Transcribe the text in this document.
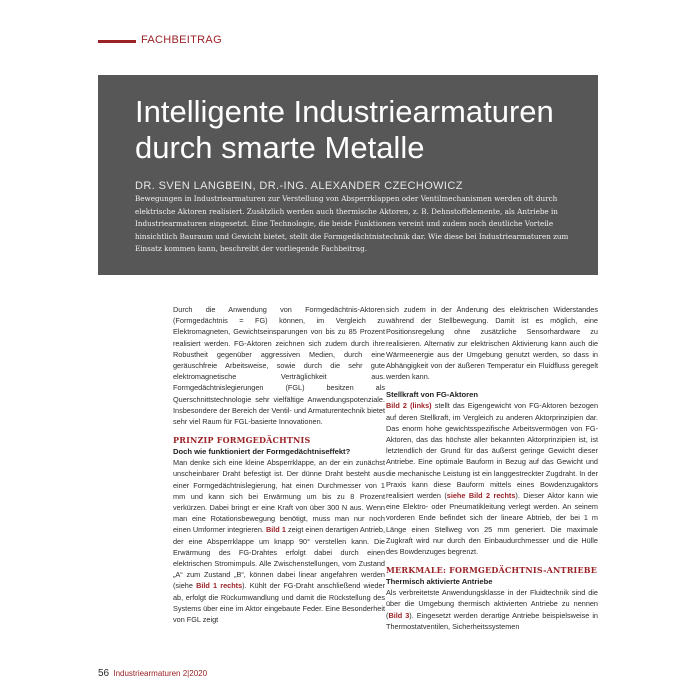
FACHBEITRAG
Intelligente Industriearmaturen durch smarte Metalle
DR. SVEN LANGBEIN, DR.-ING. ALEXANDER CZECHOWICZ

Bewegungen in Industriearmaturen zur Verstellung von Absperrklappen oder Ventilmechanismen werden oft durch elektrische Aktoren realisiert. Zusätzlich werden auch thermische Aktoren, z. B. Dehnstoffelemente, als Antriebe in Industriearmaturen eingesetzt. Eine Technologie, die beide Funktionen vereint und zudem noch deutliche Vorteile hinsichtlich Bauraum und Gewicht bietet, stellt die Formgedächtnistechnik dar. Wie diese bei Industriearmaturen zum Einsatz kommen kann, beschreibt der vorliegende Fachbeitrag.

Durch die Anwendung von Formgedächtnis-Aktoren (Formgedächtnis = FG) können, im Vergleich zu Elektromagneten, Gewichtseinsparungen von bis zu 85 Prozent realisiert werden. FG-Aktoren zeichnen sich zudem durch ihre Robustheit gegenüber aggressiven Medien, durch eine geräuschfreie Arbeitsweise, sowie durch die sehr gute elektromagnetische Verträglichkeit aus. Formgedächtnislegierungen (FGL) besitzen als Querschnittstechnologie sehr vielfältige Anwendungspotenziale. Insbesondere der Bereich der Ventil- und Armaturentechnik bietet sehr viel Raum für FGL-basierte Innovationen.

PRINZIP FORMGEDÄCHTNIS
Doch wie funktioniert der Formgedächtniseffekt?

Man denke sich eine kleine Absperrklappe, an der ein zunächst unscheinbarer Draht befestigt ist. Der dünne Draht besteht aus einer Formgedächtnislegierung, hat einen Durchmesser von 1 mm und kann sich bei Erwärmung um bis zu 8 Prozent verkürzen. Dabei bringt er eine Kraft von über 300 N aus. Wenn man eine Rotationsbewegung benötigt, muss man nur noch einen Umformer integrieren. Bild 1 zeigt einen derartigen Antrieb, der eine Absperrklappe um knapp 90° verstellen kann. Die Erwärmung des FG-Drahtes erfolgt dabei durch einen elektrischen Stromimpuls. Alle Zwischenstellungen, vom Zustand „A“ zum Zustand „B“, können dabei linear angefahren werden (siehe Bild 1 rechts). Kühlt der FG-Draht anschließend wieder ab, erfolgt die Rückumwandlung und damit die Rückstellung des Systems über eine im Aktor eingebaute Feder. Eine Besonderheit von FGL zeigt

sich zudem in der Änderung des elektrischen Widerstandes während der Stellbewegung. Damit ist es möglich, eine Positionsregelung ohne zusätzliche Sensorhardware zu realisieren. Alternativ zur elektrischen Aktivierung kann auch die Wärmeenergie aus der Umgebung genutzt werden, so dass in Abhängigkeit von der äußeren Temperatur ein Fluidfluss geregelt werden kann.

Stellkraft von FG-Aktoren

Bild 2 (links) stellt das Eigengewicht von FG-Aktoren bezogen auf deren Stellkraft, im Vergleich zu anderen Aktorprinzipien dar. Das enorm hohe gewichtsspezifische Arbeitsvermögen von FG-Aktoren, das das höchste aller bekannten Aktorprinzipien ist, ist letztendlich der Grund für das äußerst geringe Gewicht dieser Antriebe. Eine optimale Bauform in Bezug auf das Gewicht und die mechanische Leistung ist ein langgestreckter Zugdraht. In der Praxis kann diese Bauform mittels eines Bowdenzugaktors realisiert werden (siehe Bild 2 rechts). Dieser Aktor kann wie eine Elektro- oder Pneumatikleitung verlegt werden. An seinem vorderen Ende befindet sich der lineare Abtrieb, der bei 1 m Länge einen Stellweg von 25 mm generiert. Die maximale Zugkraft wird nur durch den Einbaudurchmesser und die Hülle des Bowdenzuges begrenzt.

MERKMALE: FORMGEDÄCHTNIS-ANTRIEBE
Thermisch aktivierte Antriebe

Als verbreitetste Anwendungsklasse in der Fluidtechnik sind die über die Umgebung thermisch aktivierten Antriebe zu nennen (Bild 3). Eingesetzt werden derartige Antriebe beispielsweise in Thermostatventilen, Sicherheitssystemen

56 Industriearmaturen 2|2020
